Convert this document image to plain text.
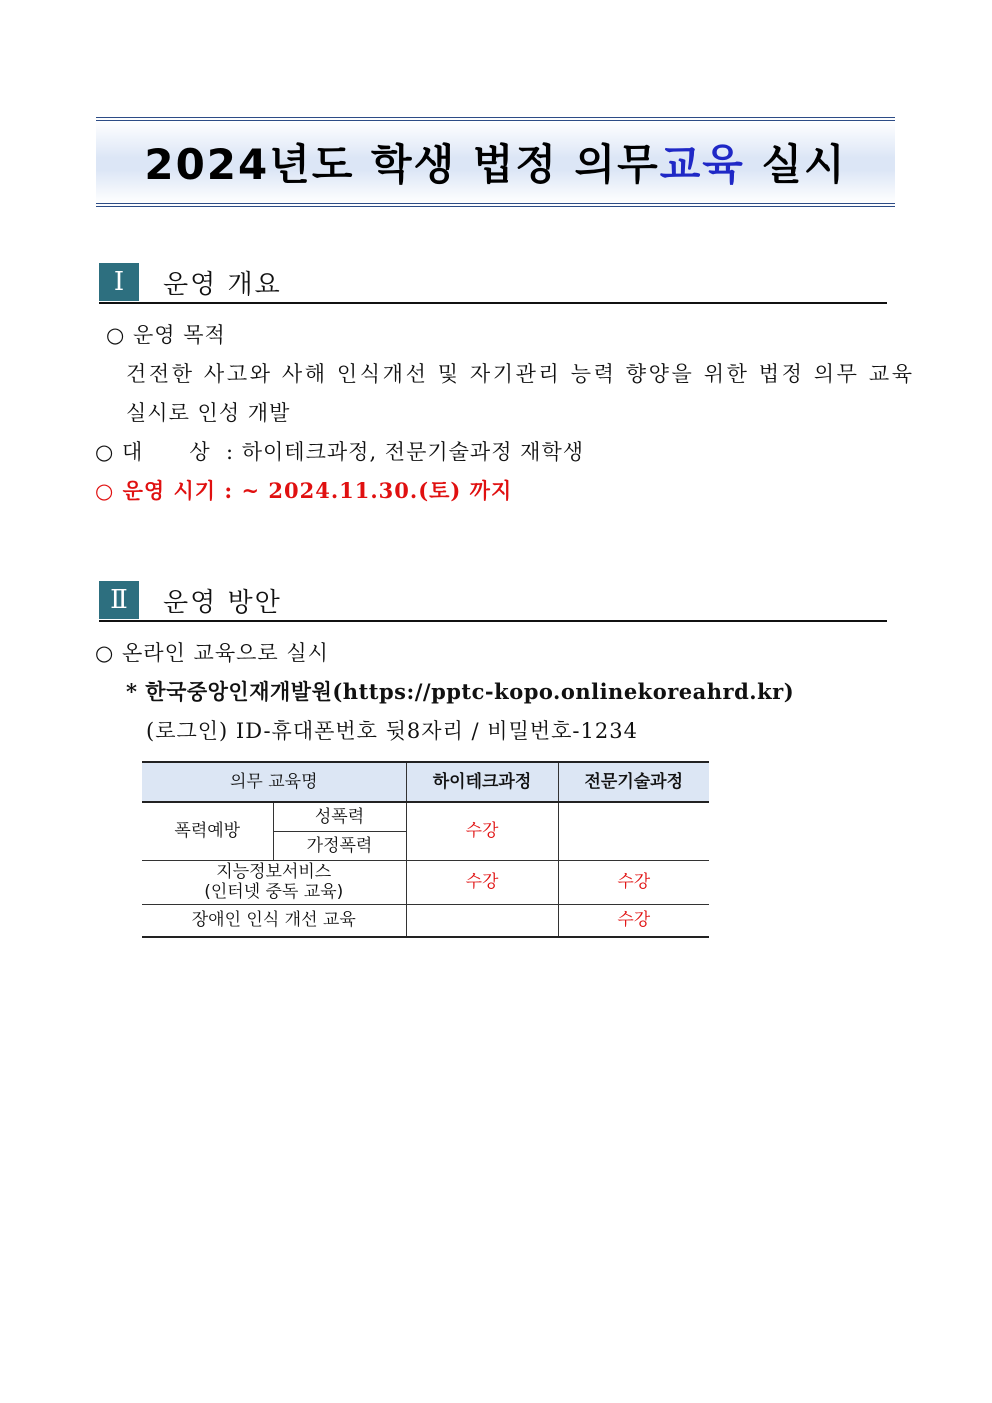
2024년도 학생 법정 의무교육 실시
Ⅰ	운영 개요
○ 운영 목적
건전한 사고와 사해 인식개선 및 자기관리 능력 향양을 위한 법정 의무 교육
실시로 인성 개발
○ 대      상  : 하이테크과정, 전문기술과정 재학생
○ 운영 시기 : ~ 2024.11.30.(토) 까지
Ⅱ	운영 방안
○ 온라인 교육으로 실시
* 한국중앙인재개발원(https://pptc-kopo.onlinekoreahrd.kr)
(로그인) ID-휴대폰번호 뒷8자리 / 비밀번호-1234
의무 교육명		하이테크과정	전문기술과정
폭력예방	성폭력	수강	
	가정폭력		

지능정보서비스
(인터넷 중독 교육)		수강	수강
장애인 인식 개선 교육			수강
